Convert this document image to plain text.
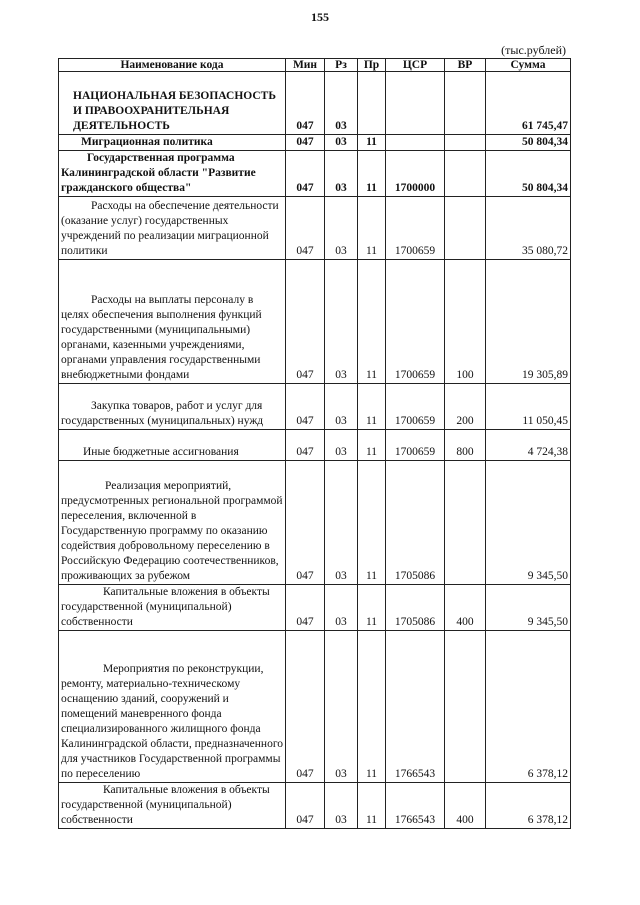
155
(тыс.рублей)
Наименование кода	Мин	Рз	Пр	ЦСР	ВР	Сумма
НАЦИОНАЛЬНАЯ БЕЗОПАСНОСТЬ И ПРАВООХРАНИТЕЛЬНАЯ ДЕЯТЕЛЬНОСТЬ	047	03				61 745,47
Миграционная политика	047	03	11			50 804,34

Государственная программа Калининградской области "Развитие гражданского общества"	047	03	11	1700000		50 804,34

Расходы на обеспечение деятельности (оказание услуг) государственных учреждений по реализации миграционной политики	047	03	11	1700659		35 080,72

Расходы на выплаты персоналу в целях обеспечения выполнения функций государственными (муниципальными) органами, казенными учреждениями, органами управления государственными внебюджетными фондами	047	03	11	1700659	100	19 305,89

Закупка товаров, работ и услуг для государственных (муниципальных) нужд	047	03	11	1700659	200	11 050,45
Иные бюджетные ассигнования	047	03	11	1700659	800	4 724,38

Реализация мероприятий, предусмотренных региональной программой переселения, включенной в Государственную программу по оказанию содействия добровольному переселению в Российскую Федерацию соотечественников, проживающих за рубежом	047	03	11	1705086		9 345,50

Капитальные вложения в объекты государственной (муниципальной) собственности	047	03	11	1705086	400	9 345,50

Мероприятия по реконструкции, ремонту, материально-техническому оснащению зданий, сооружений и помещений маневренного фонда специализированного жилищного фонда Калининградской области, предназначенного для участников Государственной программы по переселению	047	03	11	1766543		6 378,12

Капитальные вложения в объекты государственной (муниципальной) собственности	047	03	11	1766543	400	6 378,12
